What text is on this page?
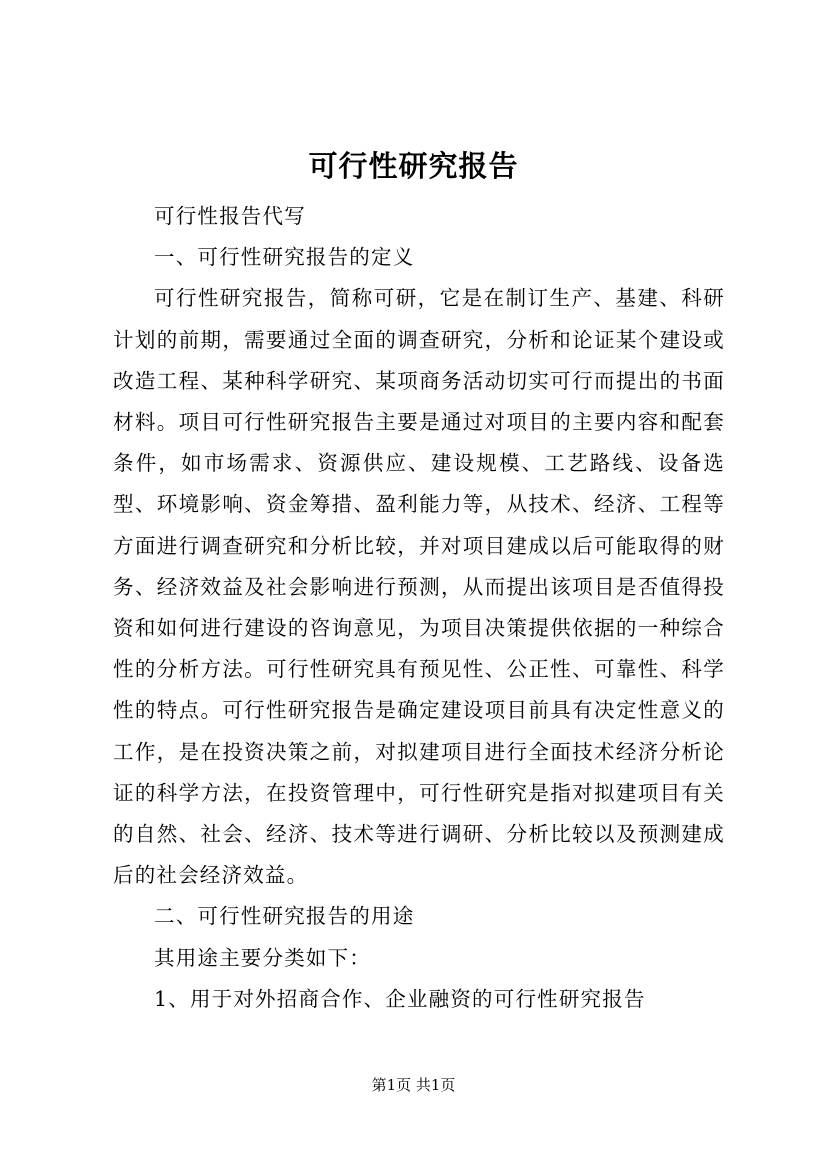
可行性研究报告

可行性报告代写

一、可行性研究报告的定义

可行性研究报告，简称可研，它是在制订生产、基建、科研计划的前期，需要通过全面的调查研究，分析和论证某个建设或改造工程、某种科学研究、某项商务活动切实可行而提出的书面材料。项目可行性研究报告主要是通过对项目的主要内容和配套条件，如市场需求、资源供应、建设规模、工艺路线、设备选型、环境影响、资金筹措、盈利能力等，从技术、经济、工程等方面进行调查研究和分析比较，并对项目建成以后可能取得的财务、经济效益及社会影响进行预测，从而提出该项目是否值得投资和如何进行建设的咨询意见，为项目决策提供依据的一种综合性的分析方法。可行性研究具有预见性、公正性、可靠性、科学性的特点。可行性研究报告是确定建设项目前具有决定性意义的工作，是在投资决策之前，对拟建项目进行全面技术经济分析论证的科学方法，在投资管理中，可行性研究是指对拟建项目有关的自然、社会、经济、技术等进行调研、分析比较以及预测建成后的社会经济效益。

二、可行性研究报告的用途

其用途主要分类如下：

1、用于对外招商合作、企业融资的可行性研究报告

第1页 共1页
